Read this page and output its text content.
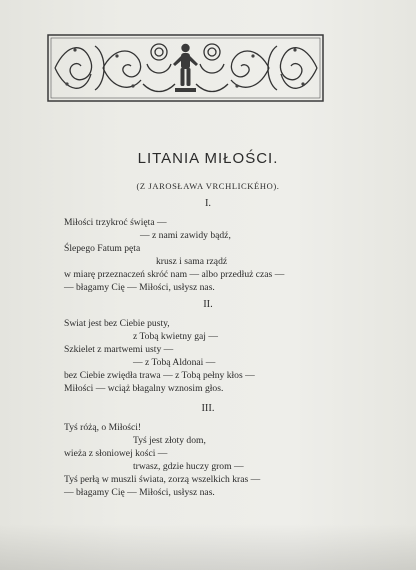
LITANIA MIŁOŚCI.
(Z JAROSŁAWA VRCHLICKÉHO).
I.
Miłości trzykroć święta —
— z nami zawidy bądź,
Ślepego Fatum pęta
krusz i sama rządź
w miarę przeznaczeń skróć nam — albo przedłuż czas —
— błagamy Cię — Miłości, usłysz nas.
II.
Swiat jest bez Ciebie pusty,
z Tobą kwietny gaj —
Szkielet z martwemi usty —
— z Tobą Aldonai —
bez Ciebie zwiędła trawa — z Tobą pełny kłos —
Miłości — wciąż błagalny wznosim głos.
III.
Tyś różą, o Miłości!
Tyś jest złoty dom,
wieża z słoniowej kości —
trwasz, gdzie huczy grom —
Tyś perłą w muszli świata, zorzą wszelkich kras —
— błagamy Cię — Miłości, usłysz nas.
